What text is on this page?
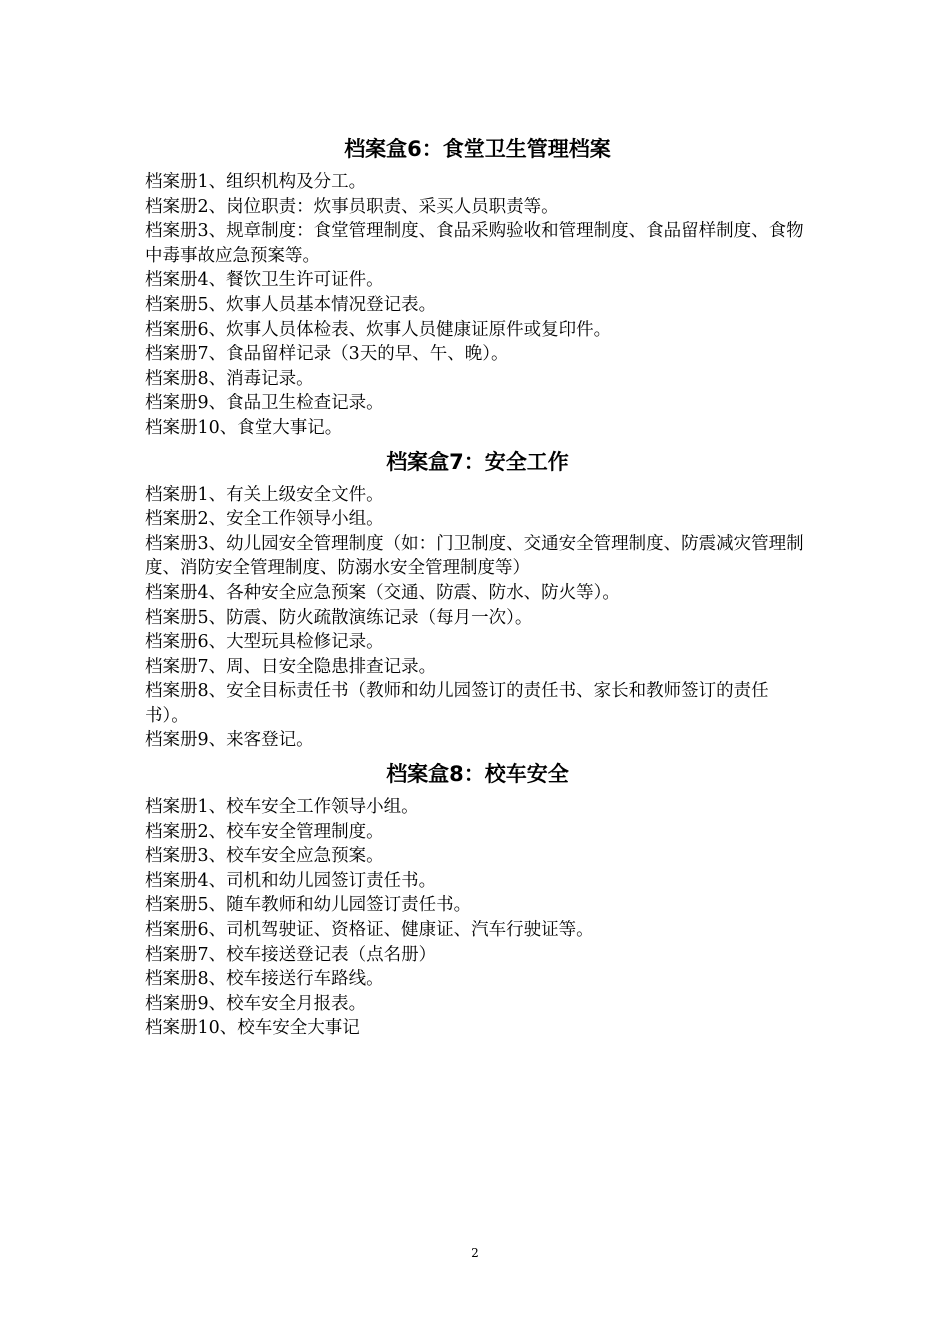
档案盒6：食堂卫生管理档案

档案册1、组织机构及分工。

档案册2、岗位职责：炊事员职责、采买人员职责等。

档案册3、规章制度：食堂管理制度、食品采购验收和管理制度、食品留样制度、食物中毒事故应急预案等。

档案册4、餐饮卫生许可证件。

档案册5、炊事人员基本情况登记表。

档案册6、炊事人员体检表、炊事人员健康证原件或复印件。

档案册7、食品留样记录（3天的早、午、晚）。

档案册8、消毒记录。

档案册9、食品卫生检查记录。

档案册10、食堂大事记。

档案盒7：安全工作

档案册1、有关上级安全文件。

档案册2、安全工作领导小组。

档案册3、幼儿园安全管理制度（如：门卫制度、交通安全管理制度、防震减灾管理制度、消防安全管理制度、防溺水安全管理制度等）

档案册4、各种安全应急预案（交通、防震、防水、防火等）。

档案册5、防震、防火疏散演练记录（每月一次）。

档案册6、大型玩具检修记录。

档案册7、周、日安全隐患排查记录。

档案册8、安全目标责任书（教师和幼儿园签订的责任书、家长和教师签订的责任书）。

档案册9、来客登记。

档案盒8：校车安全

档案册1、校车安全工作领导小组。

档案册2、校车安全管理制度。

档案册3、校车安全应急预案。

档案册4、司机和幼儿园签订责任书。

档案册5、随车教师和幼儿园签订责任书。

档案册6、司机驾驶证、资格证、健康证、汽车行驶证等。

档案册7、校车接送登记表（点名册）

档案册8、校车接送行车路线。

档案册9、校车安全月报表。

档案册10、校车安全大事记

2
